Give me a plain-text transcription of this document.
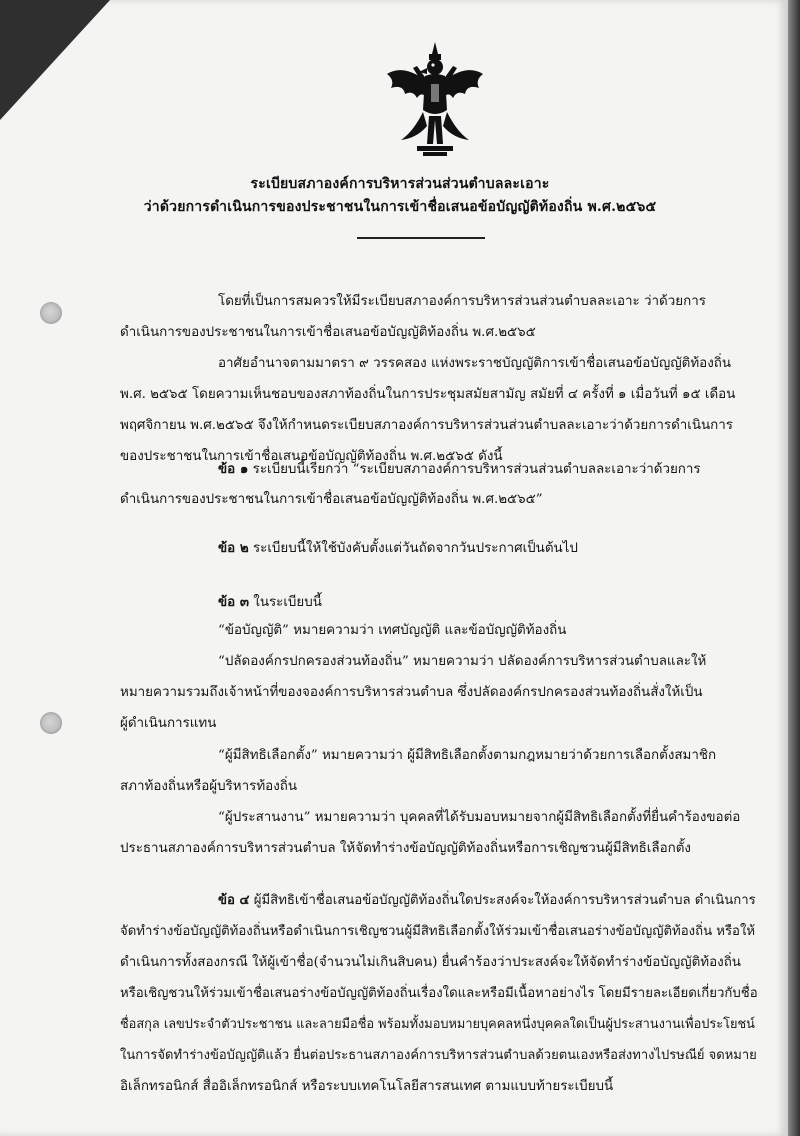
ระเบียบสภาองค์การบริหารส่วนส่วนตำบลละเอาะ
ว่าด้วยการดำเนินการของประชาชนในการเข้าชื่อเสนอข้อบัญญัติท้องถิ่น พ.ศ.๒๕๖๕
โดยที่เป็นการสมควรให้มีระเบียบสภาองค์การบริหารส่วนส่วนตำบลละเอาะ ว่าด้วยการ
ดำเนินการของประชาชนในการเข้าชื่อเสนอข้อบัญญัติท้องถิ่น พ.ศ.๒๕๖๕
อาศัยอำนาจตามมาตรา ๙ วรรคสอง แห่งพระราชบัญญัติการเข้าชื่อเสนอข้อบัญญัติท้องถิ่น
พ.ศ. ๒๕๖๕ โดยความเห็นชอบของสภาท้องถิ่นในการประชุมสมัยสามัญ สมัยที่ ๔ ครั้งที่ ๑ เมื่อวันที่ ๑๕ เดือน
พฤศจิกายน พ.ศ.๒๕๖๕ จึงให้กำหนดระเบียบสภาองค์การบริหารส่วนส่วนตำบลละเอาะว่าด้วยการดำเนินการ
ของประชาชนในการเข้าชื่อเสนอข้อบัญญัติท้องถิ่น พ.ศ.๒๕๖๕ ดังนี้
ข้อ ๑ ระเบียบนี้เรียกว่า “ระเบียบสภาองค์การบริหารส่วนส่วนตำบลละเอาะว่าด้วยการ
ดำเนินการของประชาชนในการเข้าชื่อเสนอข้อบัญญัติท้องถิ่น พ.ศ.๒๕๖๕”
ข้อ ๒ ระเบียบนี้ให้ใช้บังคับตั้งแต่วันถัดจากวันประกาศเป็นต้นไป
ข้อ ๓ ในระเบียบนี้
“ข้อบัญญัติ” หมายความว่า เทศบัญญัติ และข้อบัญญัติท้องถิ่น
“ปลัดองค์กรปกครองส่วนท้องถิ่น” หมายความว่า ปลัดองค์การบริหารส่วนตำบลและให้
หมายความรวมถึงเจ้าหน้าที่ของจองค์การบริหารส่วนตำบล ซึ่งปลัดองค์กรปกครองส่วนท้องถิ่นสั่งให้เป็น
ผู้ดำเนินการแทน
“ผู้มีสิทธิเลือกตั้ง” หมายความว่า ผู้มีสิทธิเลือกตั้งตามกฎหมายว่าด้วยการเลือกตั้งสมาชิก
สภาท้องถิ่นหรือผู้บริหารท้องถิ่น
“ผู้ประสานงาน” หมายความว่า บุคคลที่ได้รับมอบหมายจากผู้มีสิทธิเลือกตั้งที่ยื่นคำร้องขอต่อ
ประธานสภาองค์การบริหารส่วนตำบล ให้จัดทำร่างข้อบัญญัติท้องถิ่นหรือการเชิญชวนผู้มีสิทธิเลือกตั้ง
ข้อ ๔ ผู้มีสิทธิเข้าชื่อเสนอข้อบัญญัติท้องถิ่นใดประสงค์จะให้องค์การบริหารส่วนตำบล ดำเนินการ
จัดทำร่างข้อบัญญัติท้องถิ่นหรือดำเนินการเชิญชวนผู้มีสิทธิเลือกตั้งให้ร่วมเข้าชื่อเสนอร่างข้อบัญญัติท้องถิ่น หรือให้
ดำเนินการทั้งสองกรณี ให้ผู้เข้าชื่อ(จำนวนไม่เกินสิบคน) ยื่นคำร้องว่าประสงค์จะให้จัดทำร่างข้อบัญญัติท้องถิ่น
หรือเชิญชวนให้ร่วมเข้าชื่อเสนอร่างข้อบัญญัติท้องถิ่นเรื่องใดและหรือมีเนื้อหาอย่างไร โดยมีรายละเอียดเกี่ยวกับชื่อ
ชื่อสกุล เลขประจำตัวประชาชน และลายมือชื่อ พร้อมทั้งมอบหมายบุคคลหนึ่งบุคคลใดเป็นผู้ประสานงานเพื่อประโยชน์
ในการจัดทำร่างข้อบัญญัติแล้ว ยื่นต่อประธานสภาองค์การบริหารส่วนตำบลด้วยตนเองหรือส่งทางไปรษณีย์ จดหมาย
อิเล็กทรอนิกส์ สื่ออิเล็กทรอนิกส์ หรือระบบเทคโนโลยีสารสนเทศ ตามแบบท้ายระเบียบนี้
